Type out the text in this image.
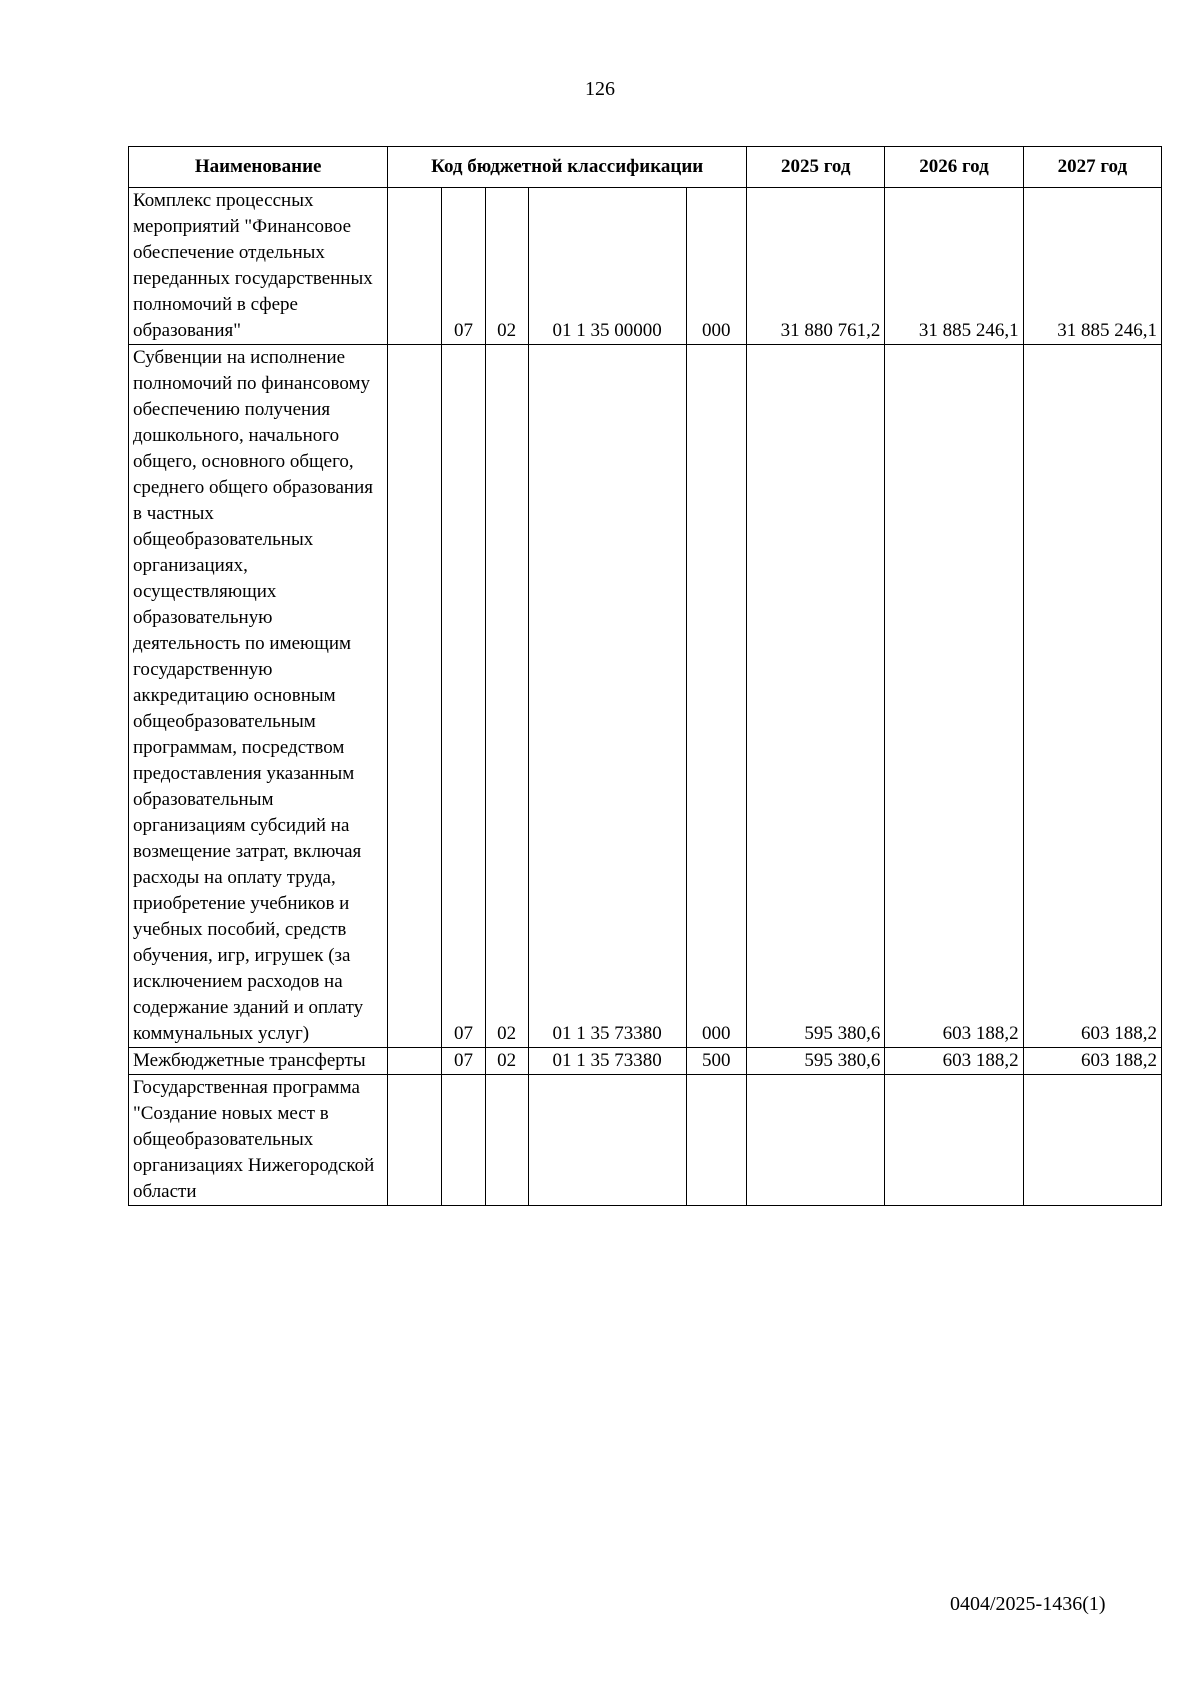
126
Наименование	Код бюджетной классификации					2025 год	2026 год	2027 год

Комплекс процессных мероприятий "Финансовое обеспечение отдельных переданных государственных полномочий в сфере образования"		07	02	01 1 35 00000	000	31 880 761,2	31 885 246,1	31 885 246,1

Субвенции на исполнение полномочий по финансовому обеспечению получения дошкольного, начального общего, основного общего, среднего общего образования в частных общеобразовательных организациях, осуществляющих образовательную деятельность по имеющим государственную аккредитацию основным общеобразовательным программам, посредством предоставления указанным образовательным организациям субсидий на возмещение затрат, включая расходы на оплату труда, приобретение учебников и учебных пособий, средств обучения, игр, игрушек (за исключением расходов на содержание зданий и оплату коммунальных услуг)		07	02	01 1 35 73380	000	595 380,6	603 188,2	603 188,2

Межбюджетные трансферты		07	02	01 1 35 73380	500	595 380,6	603 188,2	603 188,2

Государственная программа "Создание новых мест в общеобразовательных организациях Нижегородской области								

0404/2025-1436(1)
